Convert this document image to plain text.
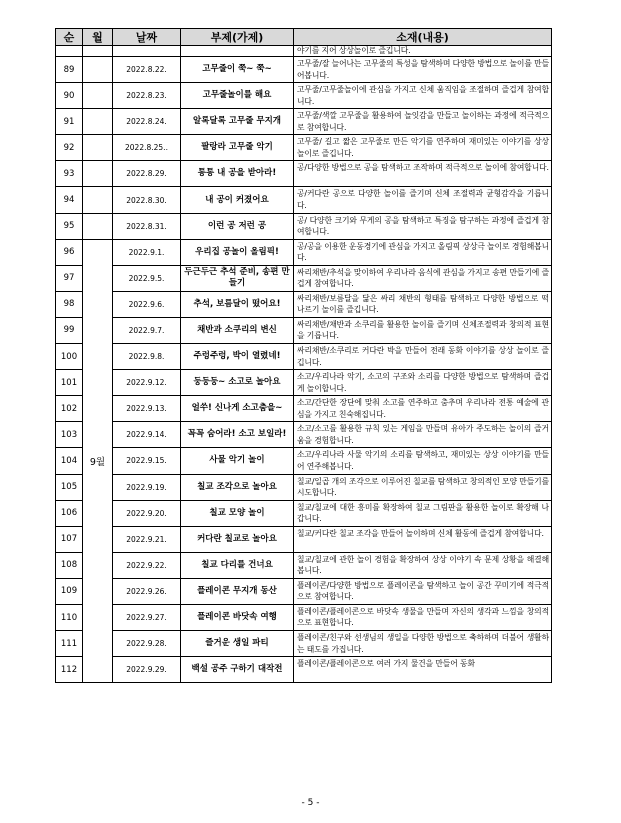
순	월	날짜	부제(가제)	소재(내용)
				야기를 지어 상상놀이로 즐깁니다.
89		2022.8.22.	고무줄이 쭉~ 쭉~	고무줄/잘 늘어나는 고무줄의 특성을 탐색하며 다양한 방법으로 놀이를 만들어봅니다.
90		2022.8.23.	고무줄놀이를 해요	고무줄/고무줄놀이에 관심을 가지고 신체 움직임을 조절하며 즐겁게 참여합니다.
91		2022.8.24.	알록달록 고무줄 무지개	고무줄/색깔 고무줄을 활용하여 놀잇감을 만들고 놀이하는 과정에 적극적으로 참여합니다.
92		2022.8.25..	팔랑라 고무줄 악기	고무줄/ 길고 짧은 고무줄로 만든 악기를 연주하며 재미있는 이야기를 상상 놀이로 즐깁니다.
93		2022.8.29.	통통 내 공을 받아라!	공/다양한 방법으로 공을 탐색하고 조작하며 적극적으로 놀이에 참여합니다.
94		2022.8.30.	내 공이 커졌어요	공/커다란 공으로 다양한 놀이를 즐기며 신체 조절력과 균형감각을 기릅니다.
95		2022.8.31.	이런 공 저런 공	공/ 다양한 크기와 무게의 공을 탐색하고 특징을 탐구하는 과정에 즐겁게 참여합니다.
96	9월	2022.9.1.	우리집 공놀이 올림픽!	공/공을 이용한 운동경기에 관심을 가지고 올림픽 상상극 놀이로 경험해봅니다.
97		2022.9.5.	두근두근 추석 준비, 송편 만들기	싸리채반/추석을 맞이하여 우리나라 음식에 관심을 가지고 송편 만들기에 즐겁게 참여합니다.
98		2022.9.6.	추석, 보름달이 떴어요!	싸리채반/보름달을 닮은 싸리 채반의 형태를 탐색하고 다양한 방법으로 떡 나르기 놀이를 즐깁니다.
99		2022.9.7.	채반과 소쿠리의 변신	싸리채반/채반과 소쿠리를 활용한 놀이를 즐기며 신체조절력과 창의적 표현을 기릅니다.
100		2022.9.8.	주렁주렁, 박이 열렸네!	싸리채반/소쿠리로 커다란 박을 만들어 전래 동화 이야기를 상상 놀이로 즐깁니다.
101		2022.9.12.	둥둥둥~ 소고로 놀아요	소고/우리나라 악기, 소고의 구조와 소리를 다양한 방법으로 탐색하며 즐겁게 놀이합니다.
102		2022.9.13.	얼쑤! 신나게 소고춤을~	소고/간단한 장단에 맞춰 소고를 연주하고 춤추며 우리나라 전통 예술에 관심을 가지고 친숙해집니다.
103		2022.9.14.	꼭꼭 숨어라! 소고 보일라!	소고/소고를 활용한 규칙 있는 게임을 만들며 유아가 주도하는 놀이의 즐거움을 경험합니다.
104		2022.9.15.	사물 악기 놀이	소고/우리나라 사물 악기의 소리를 탐색하고, 재미있는 상상 이야기를 만들어 연주해봅니다.
105		2022.9.19.	칠교 조각으로 놀아요	칠교/일곱 개의 조각으로 이루어진 칠교를 탐색하고 창의적인 모양 만들기를 시도합니다.
106		2022.9.20.	칠교 모양 놀이	칠교/칠교에 대한 흥미를 확장하여 칠교 그림판을 활용한 놀이로 확장해 나갑니다.
107		2022.9.21.	커다란 칠교로 놀아요	칠교/커다란 칠교 조각을 만들어 놀이하며 신체 활동에 즐겁게 참여합니다.
108		2022.9.22.	칠교 다리를 건너요	칠교/칠교에 관한 놀이 경험을 확장하여 상상 이야기 속 문제 상황을 해결해봅니다.
109		2022.9.26.	플레이콘 무지개 동산	플레이콘/다양한 방법으로 플레이콘을 탐색하고 놀이 공간 꾸미기에 적극적으로 참여합니다.
110		2022.9.27.	플레이콘 바닷속 여행	플레이콘/플레이콘으로 바닷속 생물을 만들며 자신의 생각과 느낌을 창의적으로 표현합니다.
111		2022.9.28.	즐거운 생일 파티	플레이콘/친구와 선생님의 생일을 다양한 방법으로 축하하며 더불어 생활하는 태도를 가집니다.
112		2022.9.29.	백설 공주 구하기 대작전	플레이콘/플레이콘으로 여러 가지 물건을 만들어 동화
- 5 -
